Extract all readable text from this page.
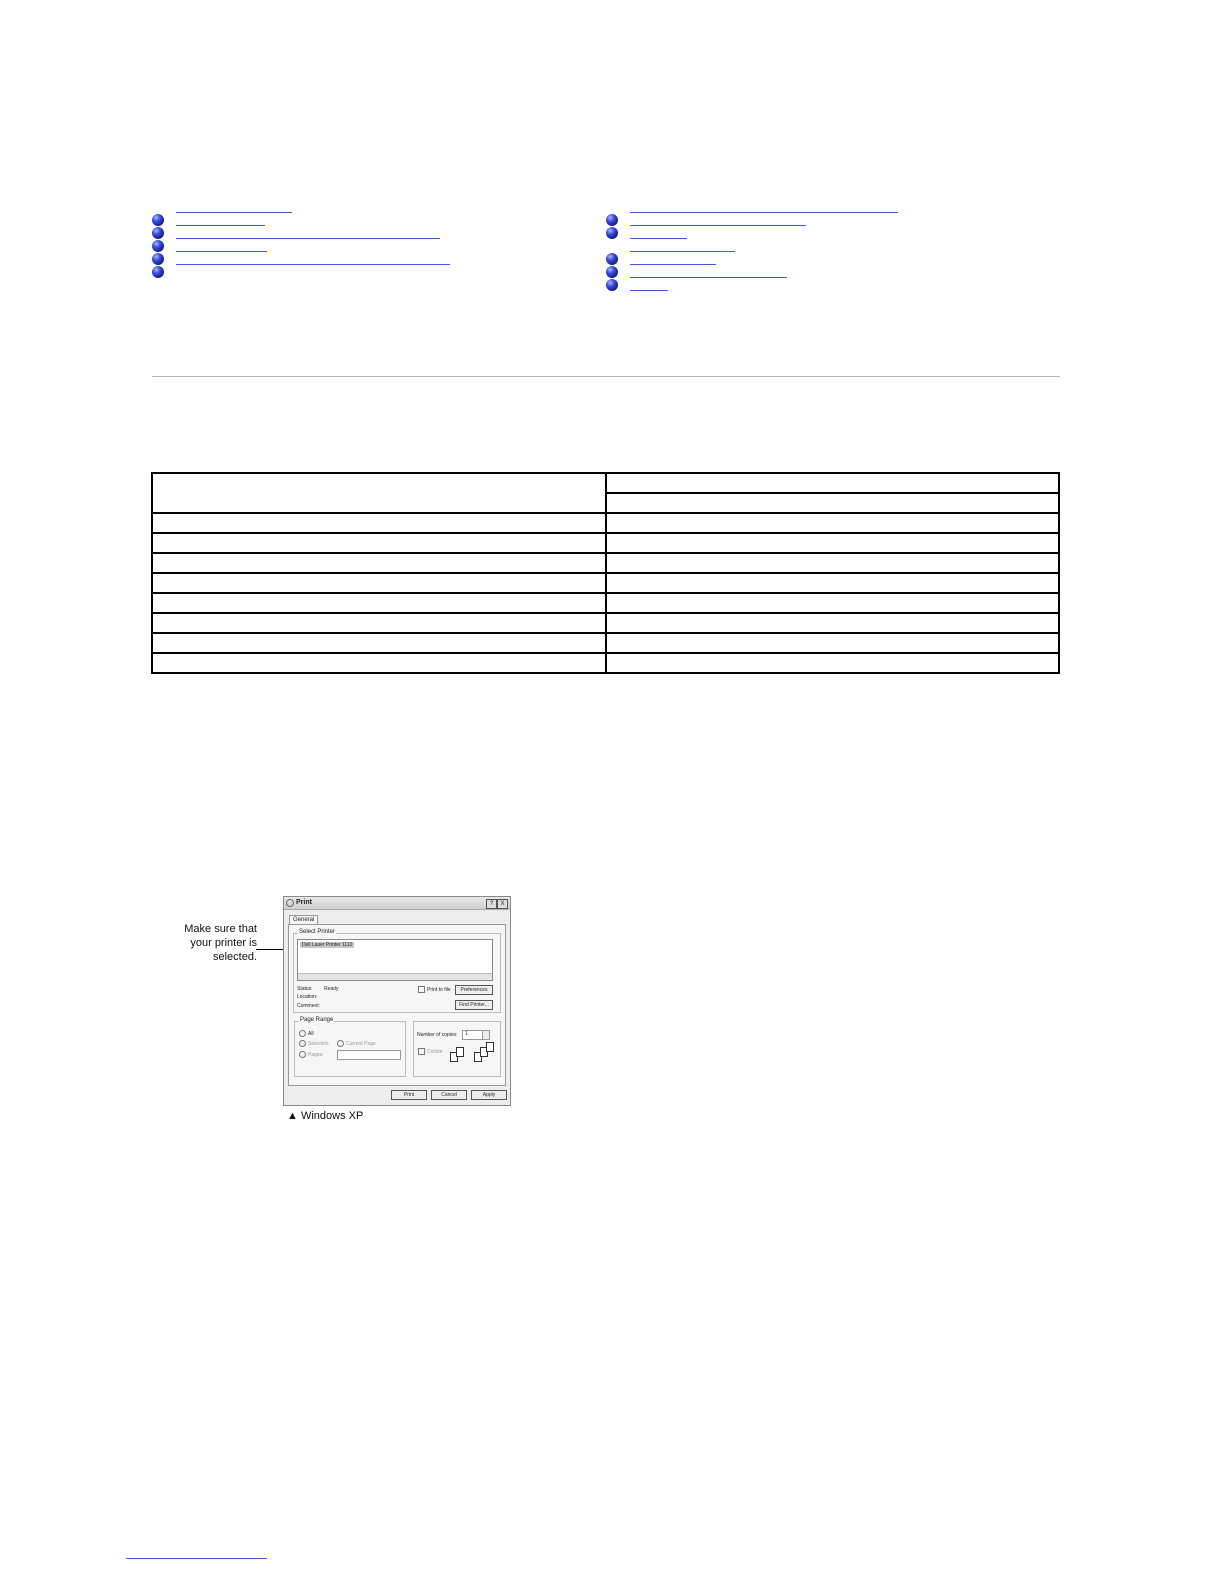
Make sure that
your printer is
selected.
Print	?	X
General
Select Printer
Dell Laser Printer 1110
Status: Ready
Location:
Comment:
Print to file	Preferences
Find Printer...
Page Range
All
Selection	Current Page
Pages:
Number of copies:	1
Collate
Print	Cancel	Apply
▲ Windows XP
